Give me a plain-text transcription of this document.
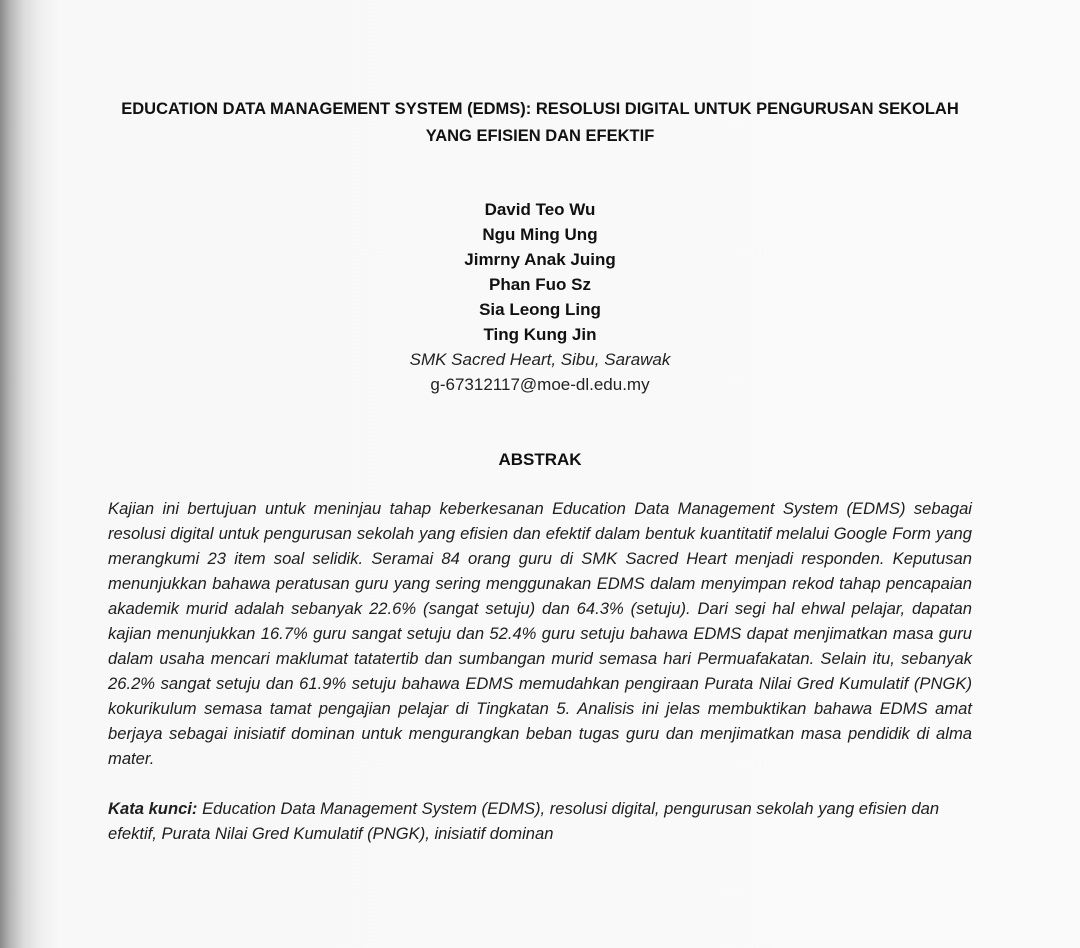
EDUCATION DATA MANAGEMENT SYSTEM (EDMS): RESOLUSI DIGITAL UNTUK PENGURUSAN SEKOLAH YANG EFISIEN DAN EFEKTIF
David Teo Wu
Ngu Ming Ung
Jimrny Anak Juing
Phan Fuo Sz
Sia Leong Ling
Ting Kung Jin
SMK Sacred Heart, Sibu, Sarawak
g-67312117@moe-dl.edu.my
ABSTRAK
Kajian ini bertujuan untuk meninjau tahap keberkesanan Education Data Management System (EDMS) sebagai resolusi digital untuk pengurusan sekolah yang efisien dan efektif dalam bentuk kuantitatif melalui Google Form yang merangkumi 23 item soal selidik. Seramai 84 orang guru di SMK Sacred Heart menjadi responden. Keputusan menunjukkan bahawa peratusan guru yang sering menggunakan EDMS dalam menyimpan rekod tahap pencapaian akademik murid adalah sebanyak 22.6% (sangat setuju) dan 64.3% (setuju). Dari segi hal ehwal pelajar, dapatan kajian menunjukkan 16.7% guru sangat setuju dan 52.4% guru setuju bahawa EDMS dapat menjimatkan masa guru dalam usaha mencari maklumat tatatertib dan sumbangan murid semasa hari Permuafakatan. Selain itu, sebanyak 26.2% sangat setuju dan 61.9% setuju bahawa EDMS memudahkan pengiraan Purata Nilai Gred Kumulatif (PNGK) kokurikulum semasa tamat pengajian pelajar di Tingkatan 5. Analisis ini jelas membuktikan bahawa EDMS amat berjaya sebagai inisiatif dominan untuk mengurangkan beban tugas guru dan menjimatkan masa pendidik di alma mater.
Kata kunci: Education Data Management System (EDMS), resolusi digital, pengurusan sekolah yang efisien dan efektif, Purata Nilai Gred Kumulatif (PNGK), inisiatif dominan
